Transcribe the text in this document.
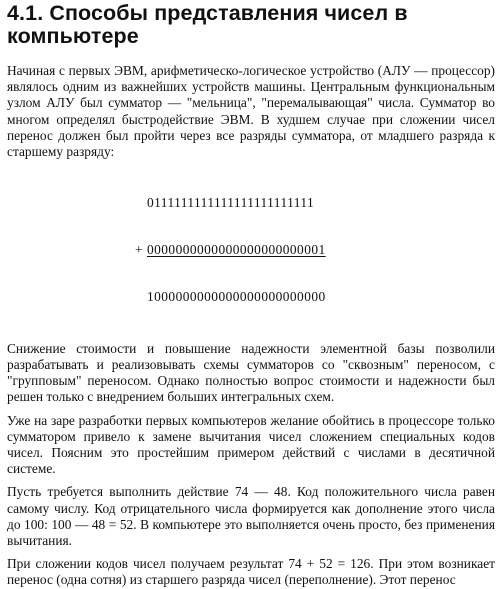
4.1. Способы представления чисел в компьютере

Начиная с первых ЭВМ, арифметическо-логическое устройство (АЛУ — процессор) являлось одним из важнейших устройств машины. Центральным функциональным узлом АЛУ был сумматор — "мельница", "перемалывающая" числа. Сумматор во многом определял быстродействие ЭВМ. В худшем случае при сложении чисел перенос должен был пройти через все разряды сумматора, от младшего разряда к старшему разряду:

0111111111111111111111111

+ 0000000000000000000000001

1000000000000000000000000

Снижение стоимости и повышение надежности элементной базы позволили разрабатывать и реализовывать схемы сумматоров со "сквозным" переносом, с "групповым" переносом. Однако полностью вопрос стоимости и надежности был решен только с внедрением больших интегральных схем.

Уже на заре разработки первых компьютеров желание обойтись в процессоре только сумматором привело к замене вычитания чисел сложением специальных кодов чисел. Поясним это простейшим примером действий с числами в десятичной системе.

Пусть требуется выполнить действие 74 — 48. Код положительного числа равен самому числу. Код отрицательного числа формируется как дополнение этого числа до 100: 100 — 48 = 52. В компьютере это выполняется очень просто, без применения вычитания.

При сложении кодов чисел получаем результат 74 + 52 = 126. При этом возникает перенос (одна сотня) из старшего разряда чисел (переполнение). Этот перенос
